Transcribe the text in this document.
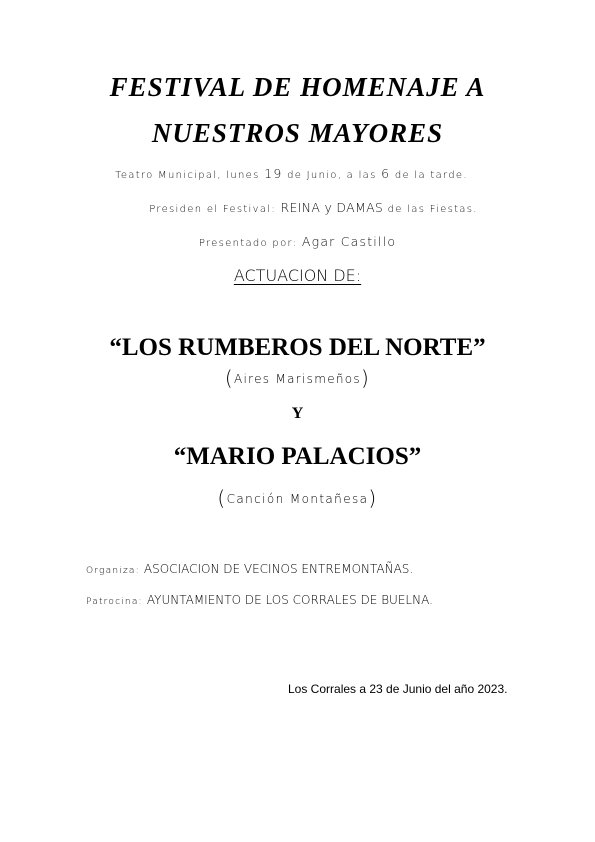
FESTIVAL DE HOMENAJE A
NUESTROS MAYORES
Teatro Municipal, lunes 19 de Junio, a las 6 de la tarde.
Presiden el Festival: REINA y DAMAS de las Fiestas.
Presentado por: Agar Castillo
ACTUACION DE:
“LOS RUMBEROS DEL NORTE”
(Aires Marismeños)
Y
“MARIO PALACIOS”
(Canción Montañesa)
Organiza: ASOCIACION DE VECINOS ENTREMONTAÑAS.
Patrocina: AYUNTAMIENTO DE LOS CORRALES DE BUELNA.
Los Corrales a 23 de Junio del año 2023.
